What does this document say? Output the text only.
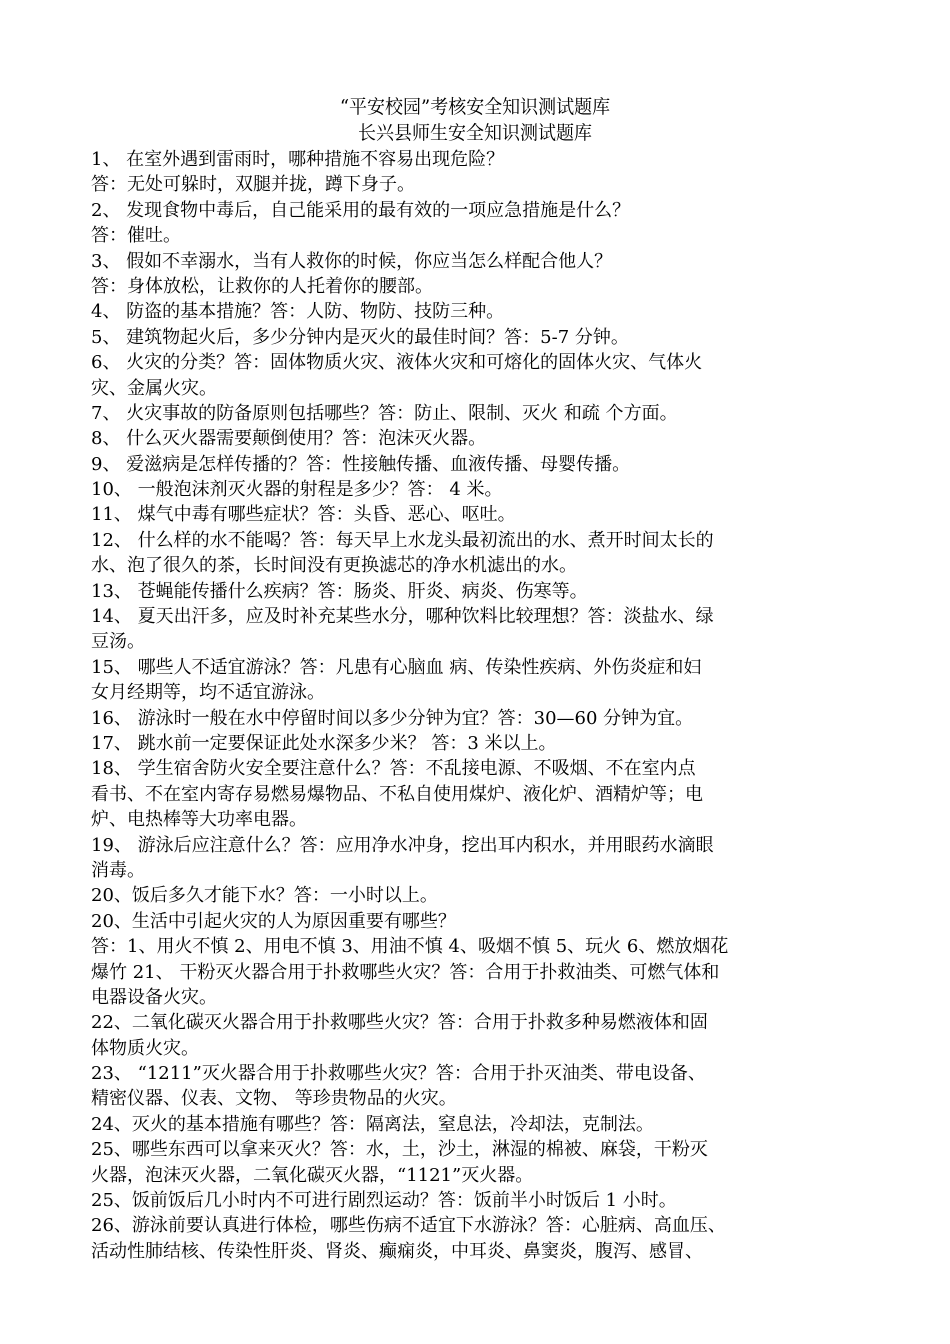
“平安校园”考核安全知识测试题库
长兴县师生安全知识测试题库
1、 在室外遇到雷雨时，哪种措施不容易出现危险？
答：无处可躲时，双腿并拢，蹲下身子。
2、 发现食物中毒后，自己能采用的最有效的一项应急措施是什么？
答：催吐。
3、 假如不幸溺水，当有人救你的时候，你应当怎么样配合他人？
答：身体放松，让救你的人托着你的腰部。
4、 防盗的基本措施？答：人防、物防、技防三种。
5、 建筑物起火后，多少分钟内是灭火的最佳时间？答：5-7 分钟。
6、 火灾的分类？答：固体物质火灾、液体火灾和可熔化的固体火灾、气体火
灾、金属火灾。
7、 火灾事故的防备原则包括哪些？答：防止、限制、灭火 和疏 个方面。
8、 什么灭火器需要颠倒使用？答：泡沫灭火器。
9、 爱滋病是怎样传播的？答：性接触传播、血液传播、母婴传播。
10、 一般泡沫剂灭火器的射程是多少？答： 4 米。
11、 煤气中毒有哪些症状？答：头昏、恶心、呕吐。
12、 什么样的水不能喝？答：每天早上水龙头最初流出的水、煮开时间太长的
水、泡了很久的茶，长时间没有更换滤芯的净水机滤出的水。
13、 苍蝇能传播什么疾病？答：肠炎、肝炎、病炎、伤寒等。
14、 夏天出汗多，应及时补充某些水分，哪种饮料比较理想？答：淡盐水、绿
豆汤。
15、 哪些人不适宜游泳？答：凡患有心脑血 病、传染性疾病、外伤炎症和妇
女月经期等，均不适宜游泳。
16、 游泳时一般在水中停留时间以多少分钟为宜？答：30—60 分钟为宜。
17、 跳水前一定要保证此处水深多少米？ 答：3 米以上。
18、 学生宿舍防火安全要注意什么？答：不乱接电源、不吸烟、不在室内点
看书、不在室内寄存易燃易爆物品、不私自使用煤炉、液化炉、酒精炉等；电
炉、电热棒等大功率电器。
19、 游泳后应注意什么？答：应用净水冲身，挖出耳内积水，并用眼药水滴眼
消毒。
20、饭后多久才能下水？答：一小时以上。
20、生活中引起火灾的人为原因重要有哪些？
答：1、用火不慎 2、用电不慎 3、用油不慎 4、吸烟不慎 5、玩火 6、燃放烟花
爆竹 21、 干粉灭火器合用于扑救哪些火灾？答：合用于扑救油类、可燃气体和
电器设备火灾。
22、二氧化碳灭火器合用于扑救哪些火灾？答：合用于扑救多种易燃液体和固
体物质火灾。
23、 “1211”灭火器合用于扑救哪些火灾？答：合用于扑灭油类、带电设备、
精密仪器、仪表、文物、 等珍贵物品的火灾。
24、灭火的基本措施有哪些？答：隔离法，窒息法，冷却法，克制法。
25、哪些东西可以拿来灭火？答：水，土，沙土，淋湿的棉被、麻袋，干粉灭
火器，泡沫灭火器，二氧化碳灭火器，“1121”灭火器。
25、饭前饭后几小时内不可进行剧烈运动？答：饭前半小时饭后 1 小时。
26、游泳前要认真进行体检，哪些伤病不适宜下水游泳？答：心脏病、高血压、
活动性肺结核、传染性肝炎、肾炎、癫痫炎，中耳炎、鼻窦炎，腹泻、感冒、
